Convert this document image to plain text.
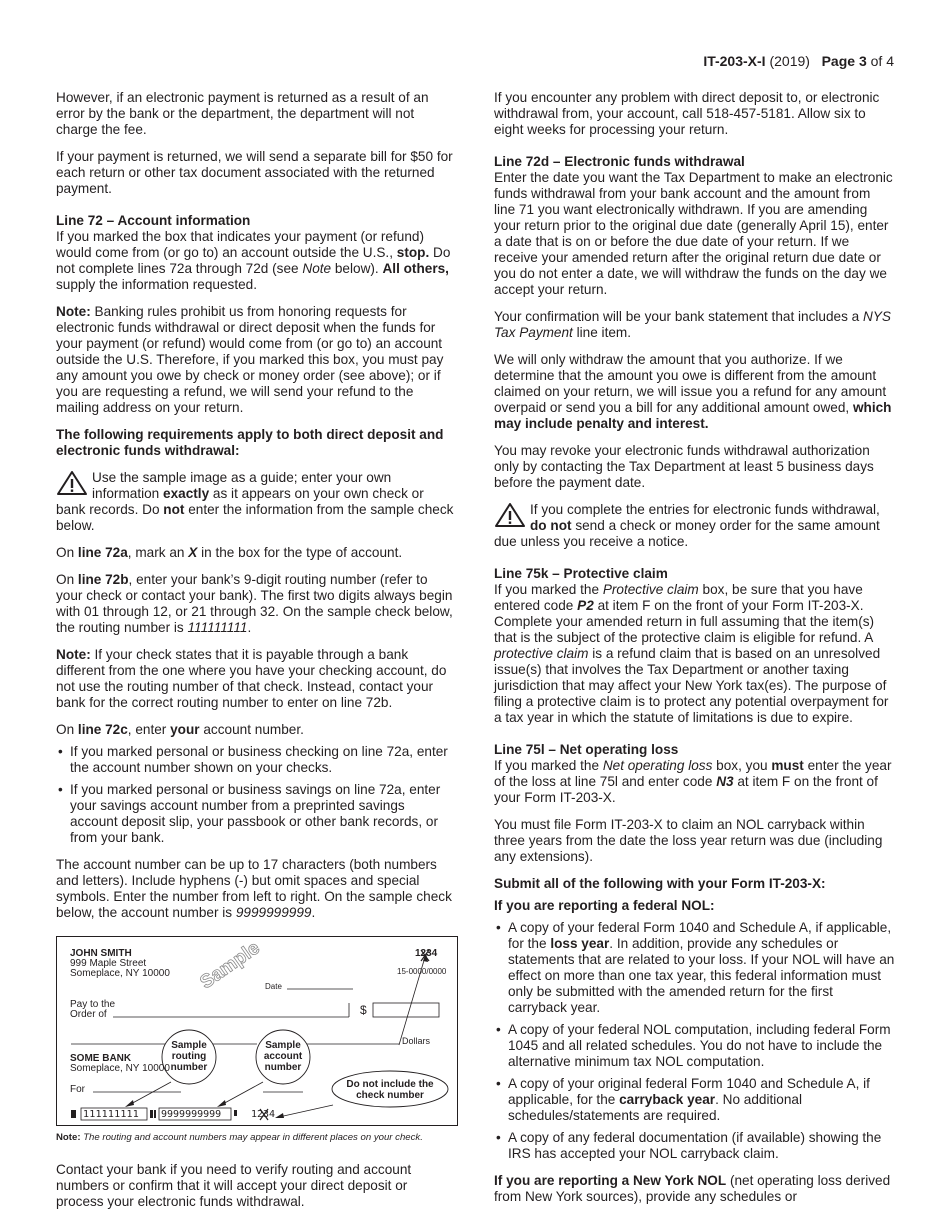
IT-203-X-I (2019) Page 3 of 4

However, if an electronic payment is returned as a result of an error by the bank or the department, the department will not charge the fee.

If your payment is returned, we will send a separate bill for $50 for each return or other tax document associated with the returned payment.

Line 72 – Account information

If you marked the box that indicates your payment (or refund) would come from (or go to) an account outside the U.S., stop. Do not complete lines 72a through 72d (see Note below). All others, supply the information requested.

Note: Banking rules prohibit us from honoring requests for electronic funds withdrawal or direct deposit when the funds for your payment (or refund) would come from (or go to) an account outside the U.S. Therefore, if you marked this box, you must pay any amount you owe by check or money order (see above); or if you are requesting a refund, we will send your refund to the mailing address on your return.

The following requirements apply to both direct deposit and electronic funds withdrawal:

Use the sample image as a guide; enter your own information exactly as it appears on your own check or bank records. Do not enter the information from the sample check below.

On line 72a, mark an X in the box for the type of account.

On line 72b, enter your bank’s 9-digit routing number (refer to your check or contact your bank). The first two digits always begin with 01 through 12, or 21 through 32. On the sample check below, the routing number is 111111111.

Note: If your check states that it is payable through a bank different from the one where you have your checking account, do not use the routing number of that check. Instead, contact your bank for the correct routing number to enter on line 72b.

On line 72c, enter your account number.

• If you marked personal or business checking on line 72a, enter the account number shown on your checks.
• If you marked personal or business savings on line 72a, enter your savings account number from a preprinted savings account deposit slip, your passbook or other bank records, or from your bank.

The account number can be up to 17 characters (both numbers and letters). Include hyphens (-) but omit spaces and special symbols. Enter the number from left to right. On the sample check below, the account number is 9999999999.

JOHN SMITH
999 Maple Street
Someplace, NY 10000
1234
15-0000/0000
Sample Date
Pay to the
Order of	$
Dollars
SOME BANK
Someplace, NY 10000
For
Sample
routing
number
Sample
account
number
Do not include the
check number
111111111 9999999999	1234

Note: The routing and account numbers may appear in different places on your check.

Contact your bank if you need to verify routing and account numbers or confirm that it will accept your direct deposit or process your electronic funds withdrawal.

If you encounter any problem with direct deposit to, or electronic withdrawal from, your account, call 518-457-5181. Allow six to eight weeks for processing your return.

Line 72d – Electronic funds withdrawal

Enter the date you want the Tax Department to make an electronic funds withdrawal from your bank account and the amount from line 71 you want electronically withdrawn. If you are amending your return prior to the original due date (generally April 15), enter a date that is on or before the due date of your return. If we receive your amended return after the original return due date or you do not enter a date, we will withdraw the funds on the day we accept your return.

Your confirmation will be your bank statement that includes a NYS Tax Payment line item.

We will only withdraw the amount that you authorize. If we determine that the amount you owe is different from the amount claimed on your return, we will issue you a refund for any amount overpaid or send you a bill for any additional amount owed, which may include penalty and interest.

You may revoke your electronic funds withdrawal authorization only by contacting the Tax Department at least 5 business days before the payment date.

If you complete the entries for electronic funds withdrawal, do not send a check or money order for the same amount due unless you receive a notice.

Line 75k – Protective claim

If you marked the Protective claim box, be sure that you have entered code P2 at item F on the front of your Form IT-203-X. Complete your amended return in full assuming that the item(s) that is the subject of the protective claim is eligible for refund. A protective claim is a refund claim that is based on an unresolved issue(s) that involves the Tax Department or another taxing jurisdiction that may affect your New York tax(es). The purpose of filing a protective claim is to protect any potential overpayment for a tax year in which the statute of limitations is due to expire.

Line 75l – Net operating loss

If you marked the Net operating loss box, you must enter the year of the loss at line 75l and enter code N3 at item F on the front of your Form IT-203-X.

You must file Form IT-203-X to claim an NOL carryback within three years from the date the loss year return was due (including any extensions).

Submit all of the following with your Form IT-203-X:

If you are reporting a federal NOL:

• A copy of your federal Form 1040 and Schedule A, if applicable, for the loss year. In addition, provide any schedules or statements that are related to your loss. If your NOL will have an effect on more than one tax year, this federal information must only be submitted with the amended return for the first carryback year.
• A copy of your federal NOL computation, including federal Form 1045 and all related schedules. You do not have to include the alternative minimum tax NOL computation.
• A copy of your original federal Form 1040 and Schedule A, if applicable, for the carryback year. No additional schedules/statements are required.
• A copy of any federal documentation (if available) showing the IRS has accepted your NOL carryback claim.

If you are reporting a New York NOL (net operating loss derived from New York sources), provide any schedules or
